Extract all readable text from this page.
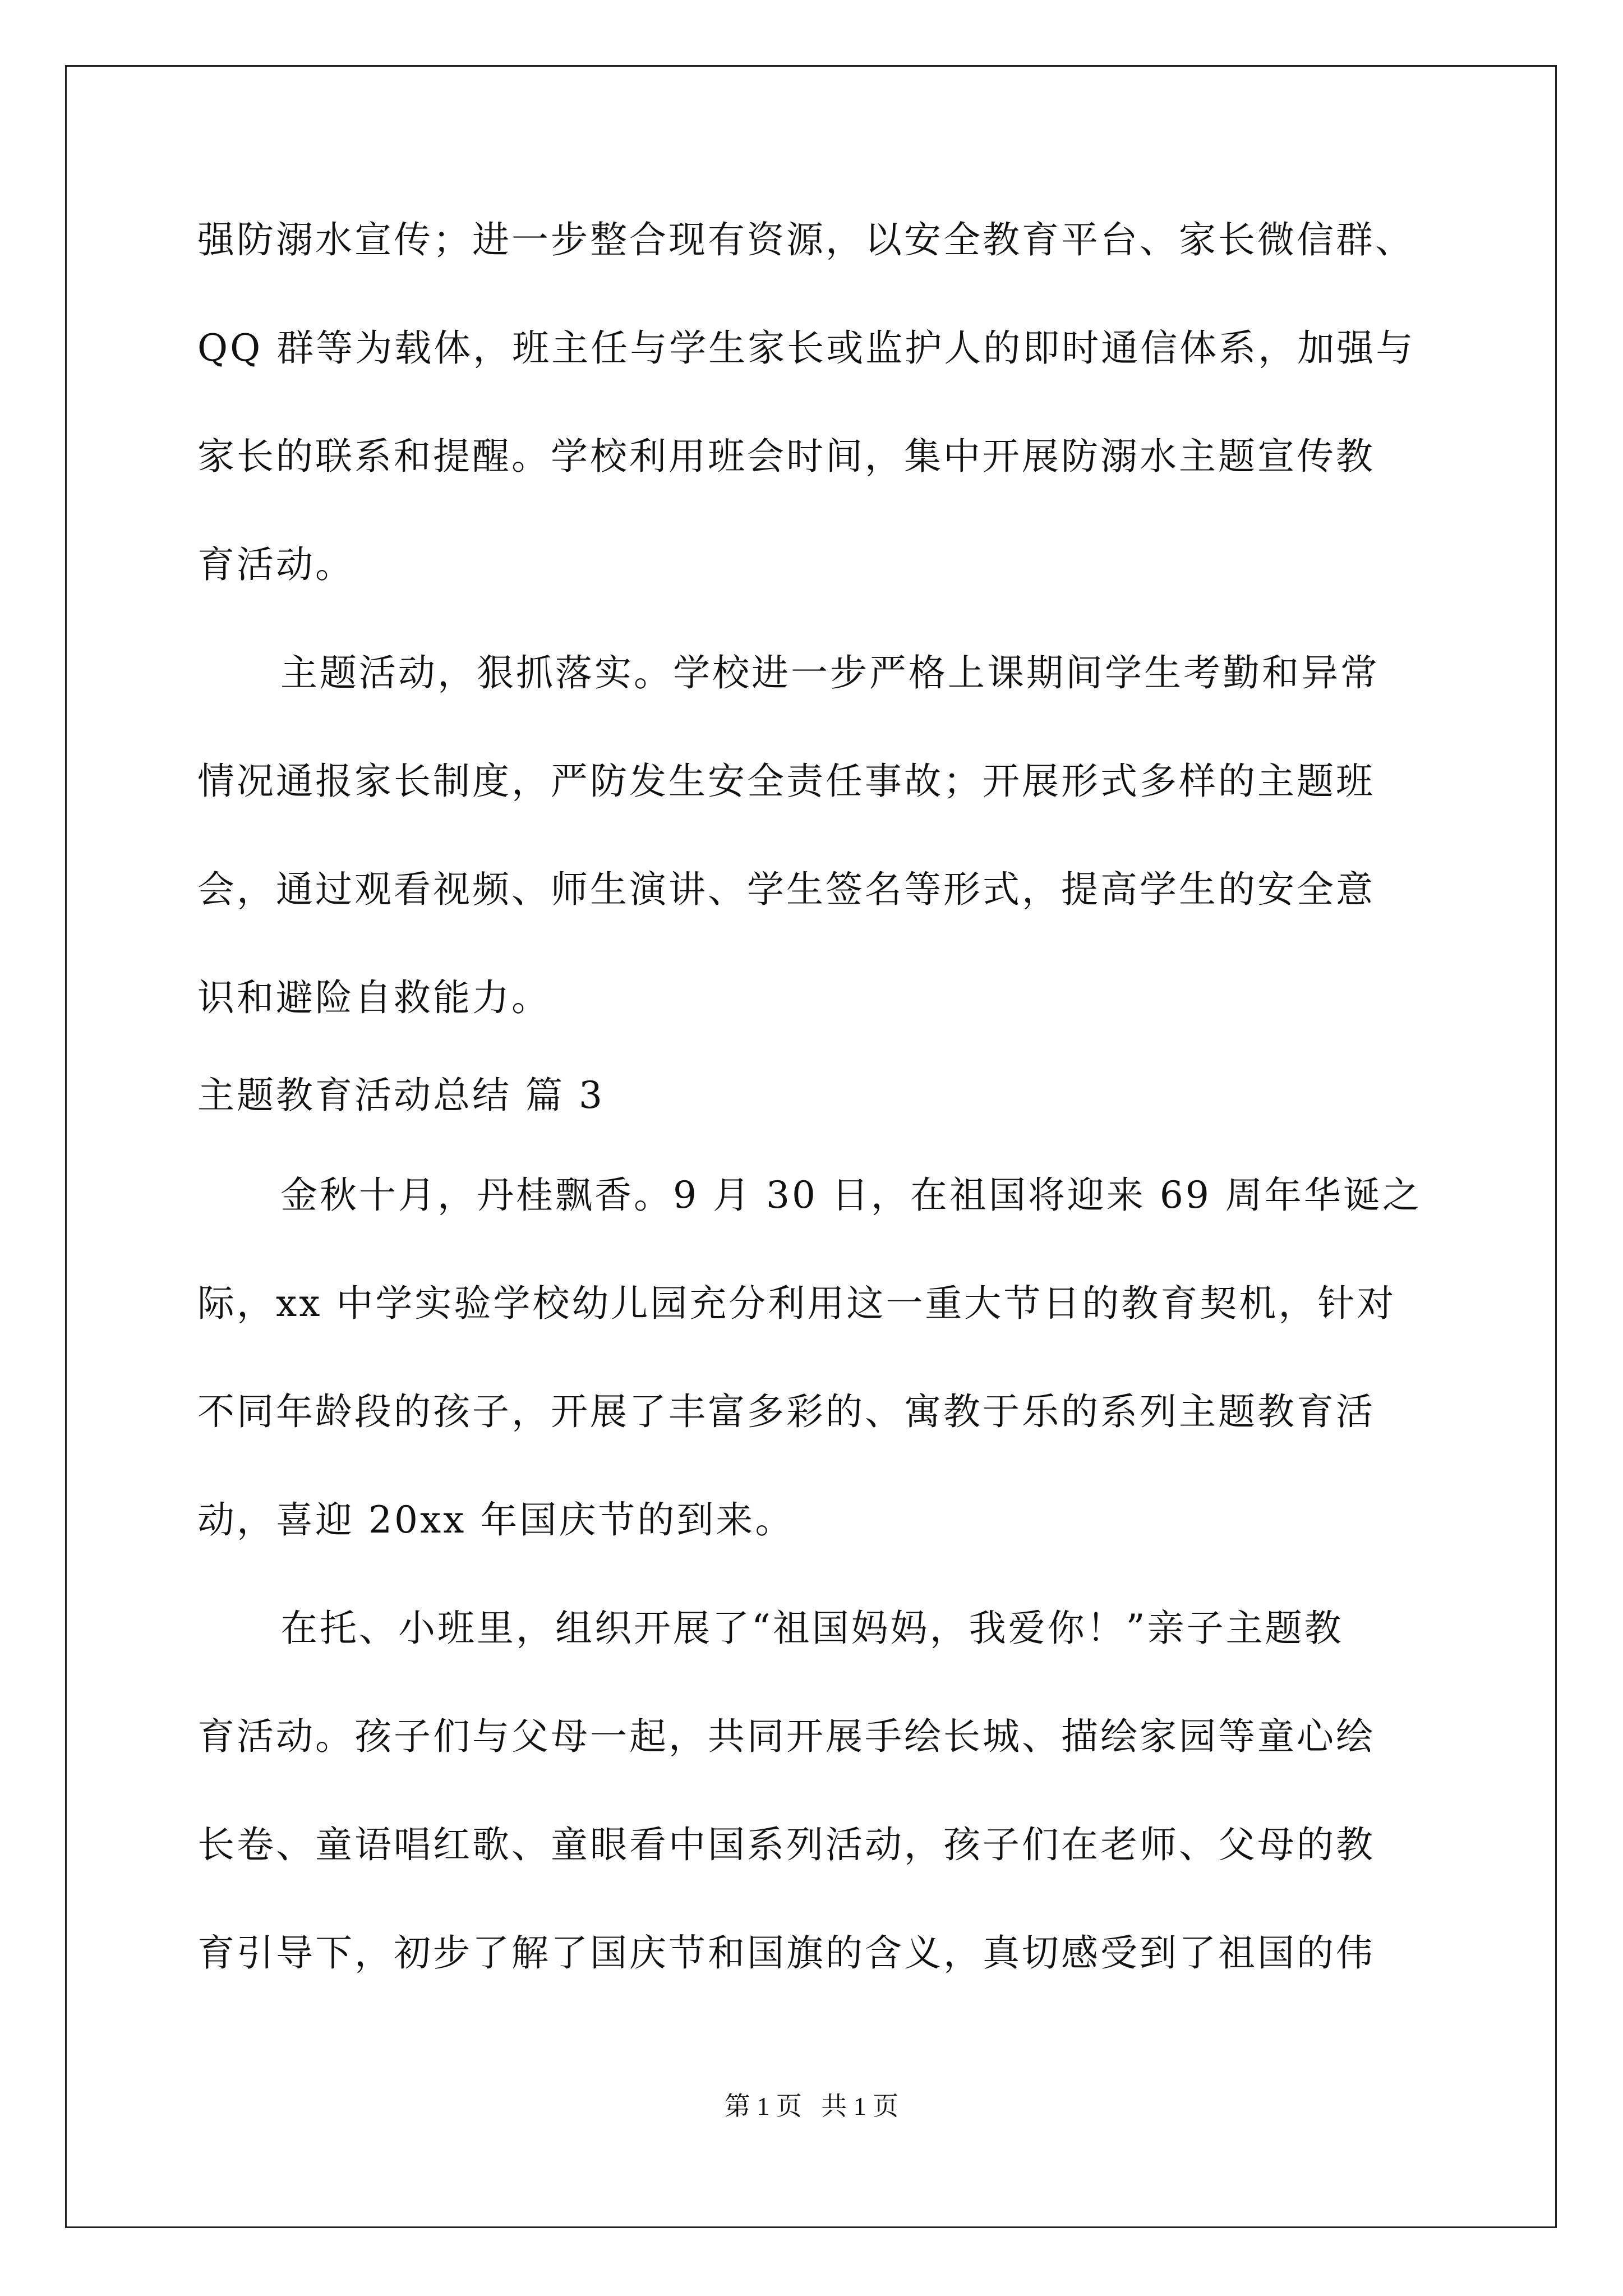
强防溺水宣传；进一步整合现有资源，以安全教育平台、家长微信群、
QQ 群等为载体，班主任与学生家长或监护人的即时通信体系，加强与
家长的联系和提醒。学校利用班会时间，集中开展防溺水主题宣传教
育活动。
主题活动，狠抓落实。学校进一步严格上课期间学生考勤和异常
情况通报家长制度，严防发生安全责任事故；开展形式多样的主题班
会，通过观看视频、师生演讲、学生签名等形式，提高学生的安全意
识和避险自救能力。
主题教育活动总结 篇 3
金秋十月，丹桂飘香。9 月 30 日，在祖国将迎来 69 周年华诞之
际，xx 中学实验学校幼儿园充分利用这一重大节日的教育契机，针对
不同年龄段的孩子，开展了丰富多彩的、寓教于乐的系列主题教育活
动，喜迎 20xx 年国庆节的到来。
在托、小班里，组织开展了“祖国妈妈，我爱你！”亲子主题教
育活动。孩子们与父母一起，共同开展手绘长城、描绘家园等童心绘
长卷、童语唱红歌、童眼看中国系列活动，孩子们在老师、父母的教
育引导下，初步了解了国庆节和国旗的含义，真切感受到了祖国的伟
第 1 页   共 1 页
